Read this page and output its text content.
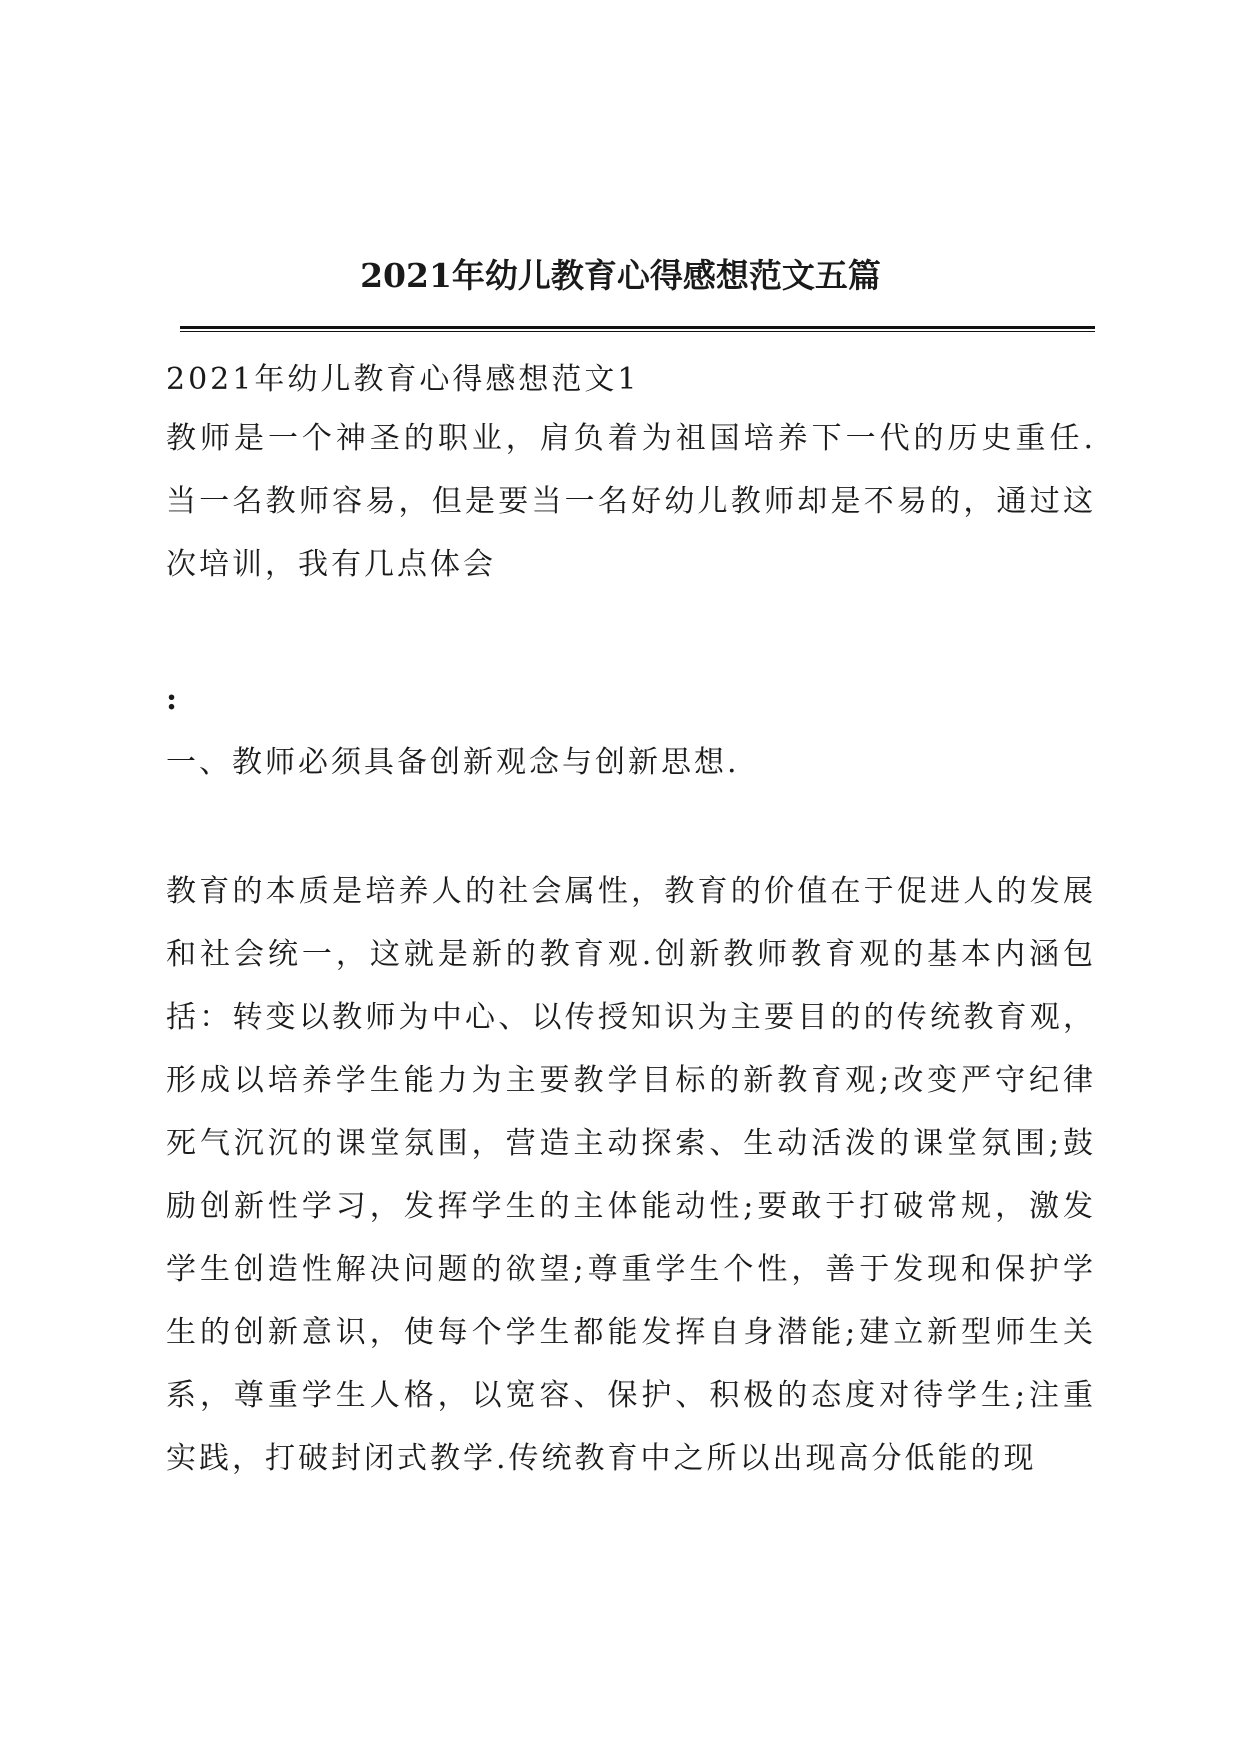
2021年幼儿教育心得感想范文五篇

2021年幼儿教育心得感想范文1

教师是一个神圣的职业，肩负着为祖国培养下一代的历史重任.当一名教师容易，但是要当一名好幼儿教师却是不易的，通过这次培训，我有几点体会

:

一、教师必须具备创新观念与创新思想.

教育的本质是培养人的社会属性，教育的价值在于促进人的发展和社会统一，这就是新的教育观.创新教师教育观的基本内涵包括：转变以教师为中心、以传授知识为主要目的的传统教育观，形成以培养学生能力为主要教学目标的新教育观;改变严守纪律死气沉沉的课堂氛围，营造主动探索、生动活泼的课堂氛围;鼓励创新性学习，发挥学生的主体能动性;要敢于打破常规，激发学生创造性解决问题的欲望;尊重学生个性，善于发现和保护学生的创新意识，使每个学生都能发挥自身潜能;建立新型师生关系，尊重学生人格，以宽容、保护、积极的态度对待学生;注重实践，打破封闭式教学.传统教育中之所以出现高分低能的现
